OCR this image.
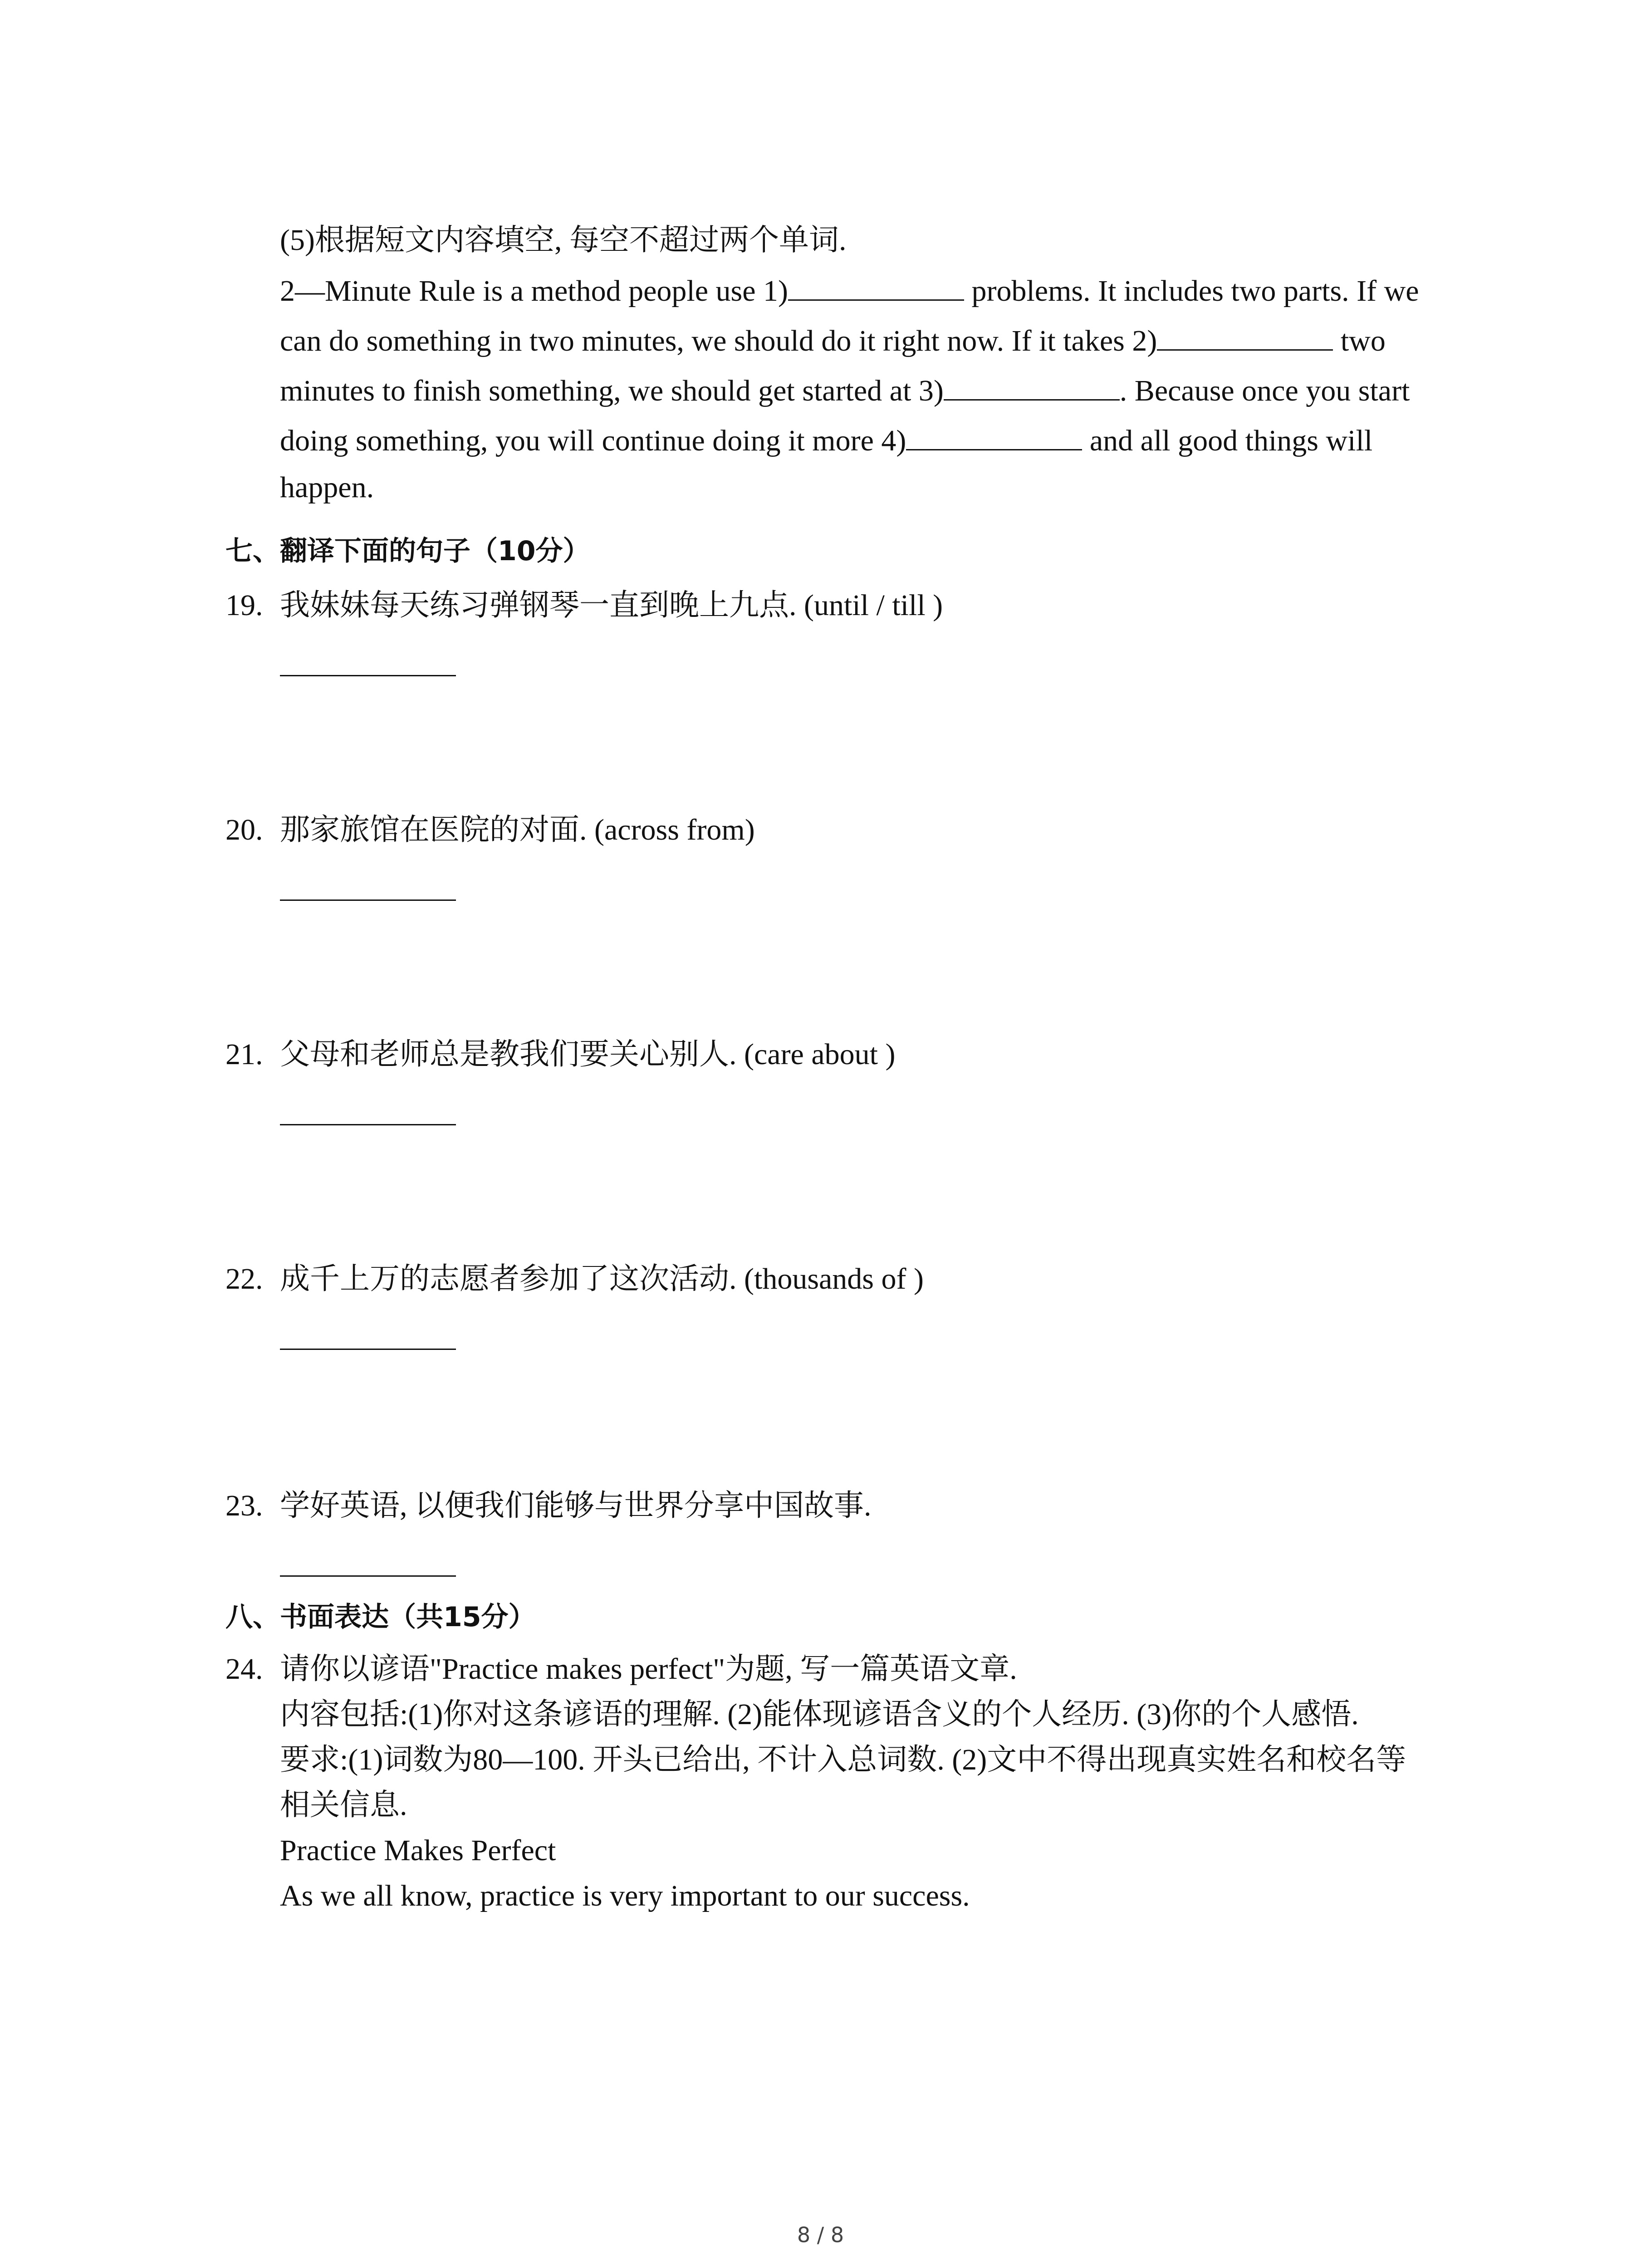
(5)根据短文内容填空, 每空不超过两个单词.
2—Minute Rule is a method people use 1)	problems. It includes two parts. If we
can do something in two minutes, we should do it right now. If it takes 2)	two
minutes to finish something, we should get started at 3)	. Because once you start
doing something, you will continue doing it more 4)	and all good things will
happen.
七、翻译下面的句子（10分）
19. 我妹妹每天练习弹钢琴一直到晚上九点. (until / till )
20. 那家旅馆在医院的对面. (across from)
21. 父母和老师总是教我们要关心别人. (care about )
22. 成千上万的志愿者参加了这次活动. (thousands of )
23. 学好英语, 以便我们能够与世界分享中国故事.
八、书面表达（共15分）
24. 请你以谚语"Practice makes perfect"为题, 写一篇英语文章.
内容包括:(1)你对这条谚语的理解. (2)能体现谚语含义的个人经历. (3)你的个人感悟.
要求:(1)词数为80—100. 开头已给出, 不计入总词数. (2)文中不得出现真实姓名和校名等
相关信息.
Practice Makes Perfect
As we all know, practice is very important to our success.
8 / 8
